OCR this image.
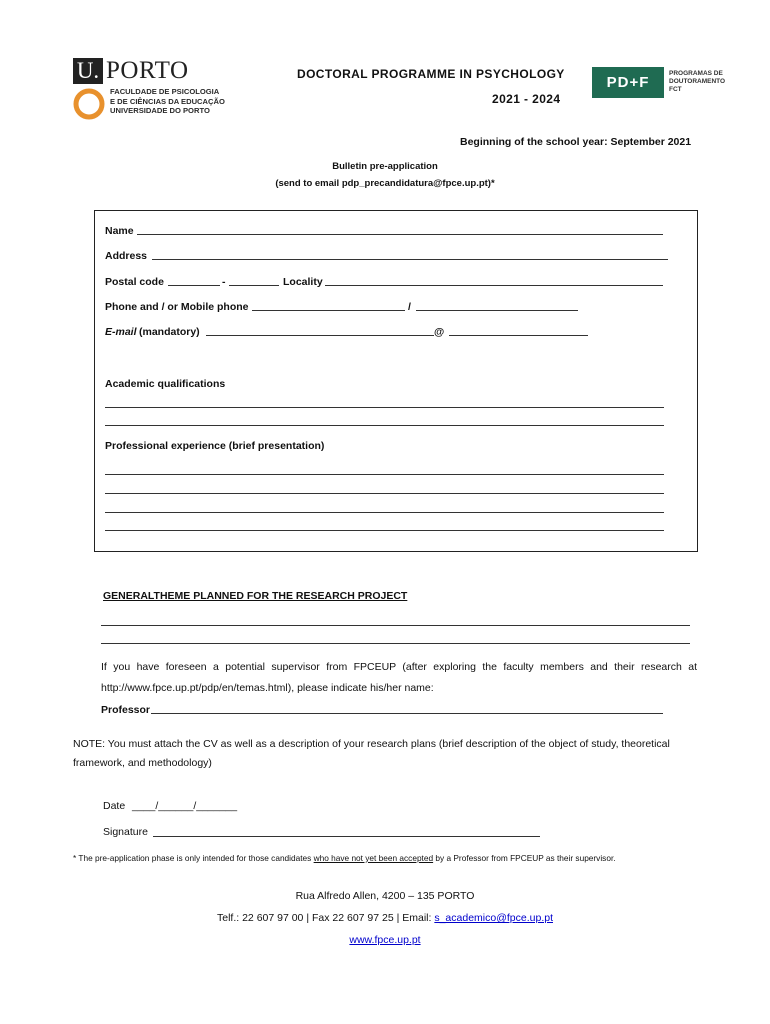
U. PORTO
FACULDADE DE PSICOLOGIA
E DE CIÊNCIAS DA EDUCAÇÃO
UNIVERSIDADE DO PORTO
DOCTORAL PROGRAMME IN PSYCHOLOGY
2021 - 2024
PD+F
PROGRAMAS DE
DOUTORAMENTO
FCT
Beginning of the school year: September 2021
Bulletin pre-application
(send to email pdp_precandidatura@fpce.up.pt)*
Name
Address
Postal code	-	Locality
Phone and / or Mobile phone	/
E-mail (mandatory)	@
Academic qualifications
Professional experience (brief presentation)
GENERALTHEME PLANNED FOR THE RESEARCH PROJECT
If you have foreseen a potential supervisor from FPCEUP (after exploring the faculty members and their research at http://www.fpce.up.pt/pdp/en/temas.html), please indicate his/her name:
Professor
NOTE: You must attach the CV as well as a description of your research plans (brief description of the object of study, theoretical framework, and methodology)
Date ____/______/_______
Signature
* The pre-application phase is only intended for those candidates who have not yet been accepted by a Professor from FPCEUP as their supervisor.
Rua Alfredo Allen, 4200 – 135 PORTO
Telf.: 22 607 97 00 | Fax 22 607 97 25 | Email: s_academico@fpce.up.pt
www.fpce.up.pt
